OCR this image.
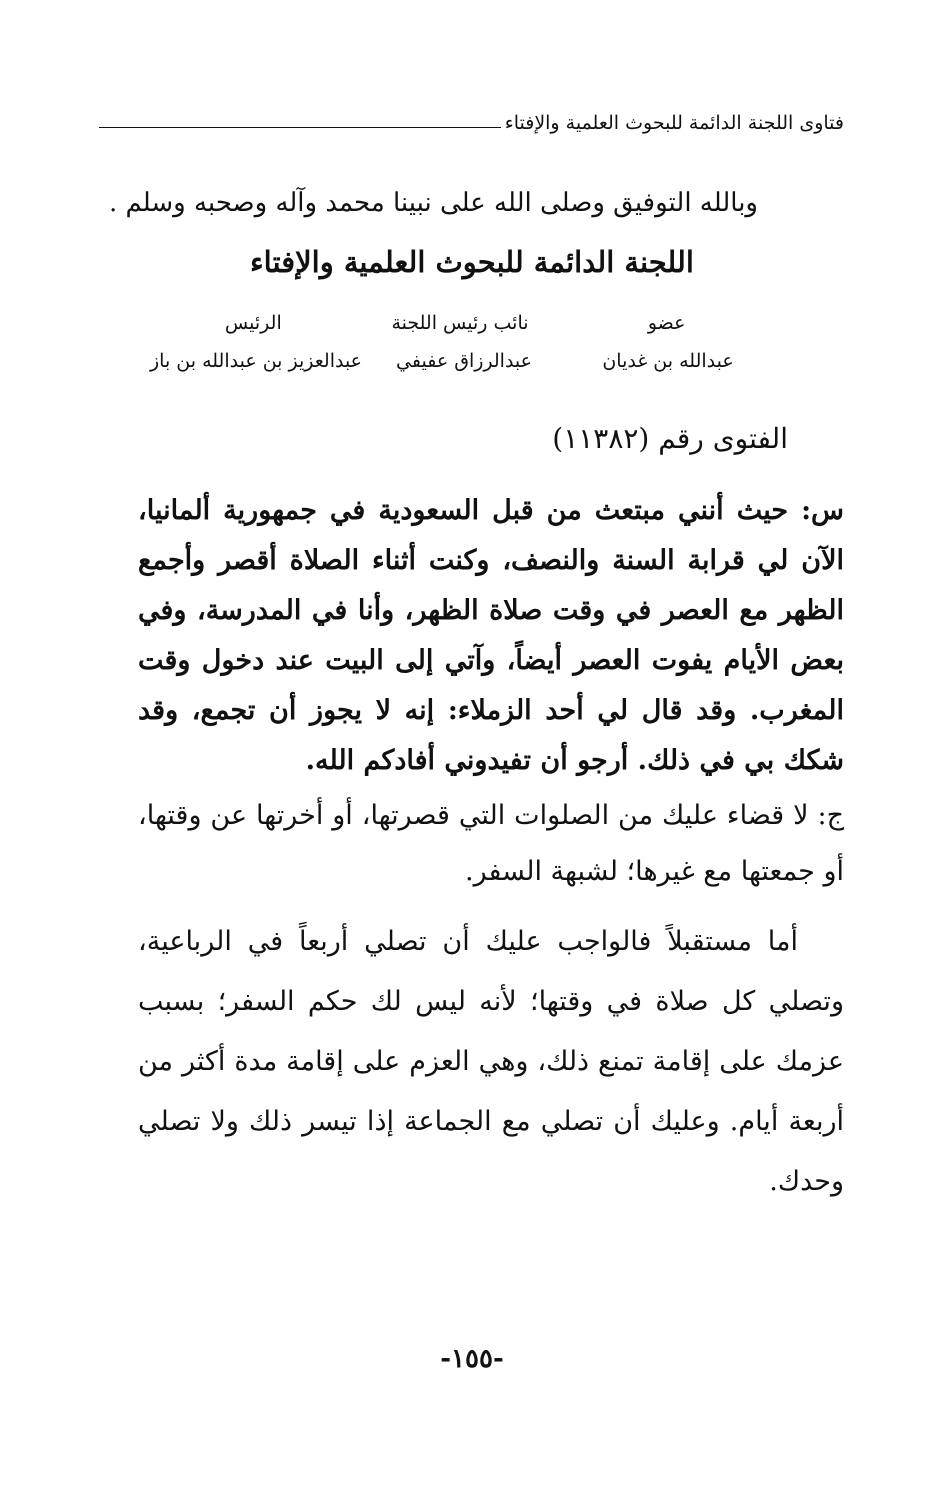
فتاوى اللجنة الدائمة للبحوث العلمية والإفتاء
وبالله التوفيق وصلى الله على نبينا محمد وآله وصحبه وسلم .
اللجنة الدائمة للبحوث العلمية والإفتاء
عضو
نائب رئيس اللجنة
الرئيس
عبدالله بن غديان
عبدالرزاق عفيفي
عبدالعزيز بن عبدالله بن باز
الفتوى رقم (١١٣٨٢)

س: حيث أنني مبتعث من قبل السعودية في جمهورية ألمانيا، الآن لي قرابة السنة والنصف، وكنت أثناء الصلاة أقصر وأجمع الظهر مع العصر في وقت صلاة الظهر، وأنا في المدرسة، وفي بعض الأيام يفوت العصر أيضاً، وآتي إلى البيت عند دخول وقت المغرب. وقد قال لي أحد الزملاء: إنه لا يجوز أن تجمع، وقد شكك بي في ذلك. أرجو أن تفيدوني أفادكم الله.

ج: لا قضاء عليك من الصلوات التي قصرتها، أو أخرتها عن وقتها، أو جمعتها مع غيرها؛ لشبهة السفر.

أما مستقبلاً فالواجب عليك أن تصلي أربعاً في الرباعية، وتصلي كل صلاة في وقتها؛ لأنه ليس لك حكم السفر؛ بسبب عزمك على إقامة تمنع ذلك، وهي العزم على إقامة مدة أكثر من أربعة أيام. وعليك أن تصلي مع الجماعة إذا تيسر ذلك ولا تصلي وحدك.

-١٥٥-
